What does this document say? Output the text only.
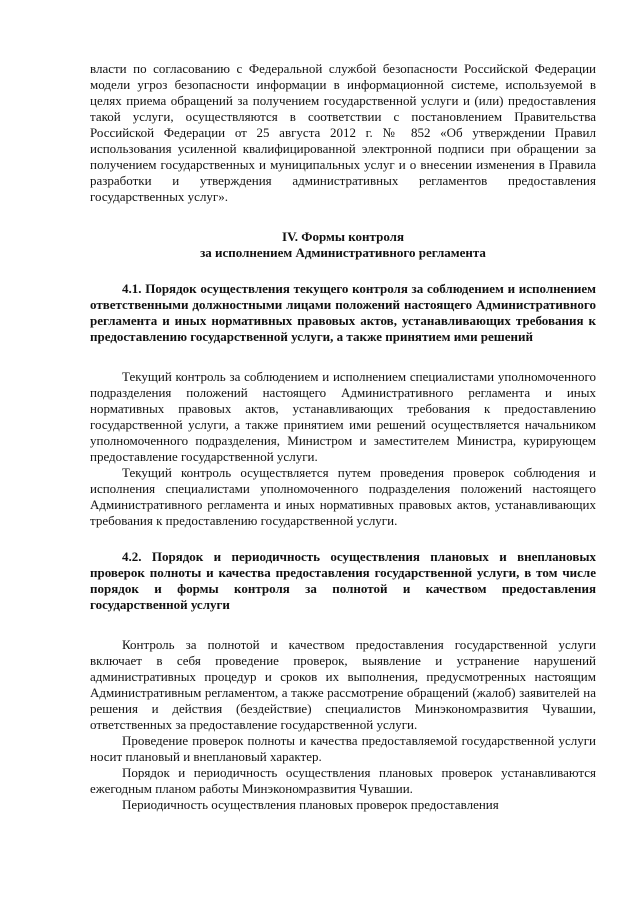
власти по согласованию с Федеральной службой безопасности Российской Федерации модели угроз безопасности информации в информационной системе, используемой в целях приема обращений за получением государственной услуги и (или) предоставления такой услуги, осуществляются в соответствии с постановлением Правительства Российской Федерации от 25 августа 2012 г. № 852 «Об утверждении Правил использования усиленной квалифицированной электронной подписи при обращении за получением государственных и муниципальных услуг и о внесении изменения в Правила разработки и утверждения административных регламентов предоставления государственных услуг».

IV. Формы контроля

за исполнением Административного регламента

4.1. Порядок осуществления текущего контроля за соблюдением и исполнением ответственными должностными лицами положений настоящего Административного регламента и иных нормативных правовых актов, устанавливающих требования к предоставлению государственной услуги, а также принятием ими решений

Текущий контроль за соблюдением и исполнением специалистами уполномоченного подразделения положений настоящего Административного регламента и иных нормативных правовых актов, устанавливающих требования к предоставлению государственной услуги, а также принятием ими решений осуществляется начальником уполномоченного подразделения, Министром и заместителем Министра, курирующем предоставление государственной услуги.

Текущий контроль осуществляется путем проведения проверок соблюдения и исполнения специалистами уполномоченного подразделения положений настоящего Административного регламента и иных нормативных правовых актов, устанавливающих требования к предоставлению государственной услуги.

4.2. Порядок и периодичность осуществления плановых и внеплановых проверок полноты и качества предоставления государственной услуги, в том числе порядок и формы контроля за полнотой и качеством предоставления государственной услуги

Контроль за полнотой и качеством предоставления государственной услуги включает в себя проведение проверок, выявление и устранение нарушений административных процедур и сроков их выполнения, предусмотренных настоящим Административным регламентом, а также рассмотрение обращений (жалоб) заявителей на решения и действия (бездействие) специалистов Минэкономразвития Чувашии, ответственных за предоставление государственной услуги.

Проведение проверок полноты и качества предоставляемой государственной услуги носит плановый и внеплановый характер.

Порядок и периодичность осуществления плановых проверок устанавливаются ежегодным планом работы Минэкономразвития Чувашии.

Периодичность осуществления плановых проверок предоставления
